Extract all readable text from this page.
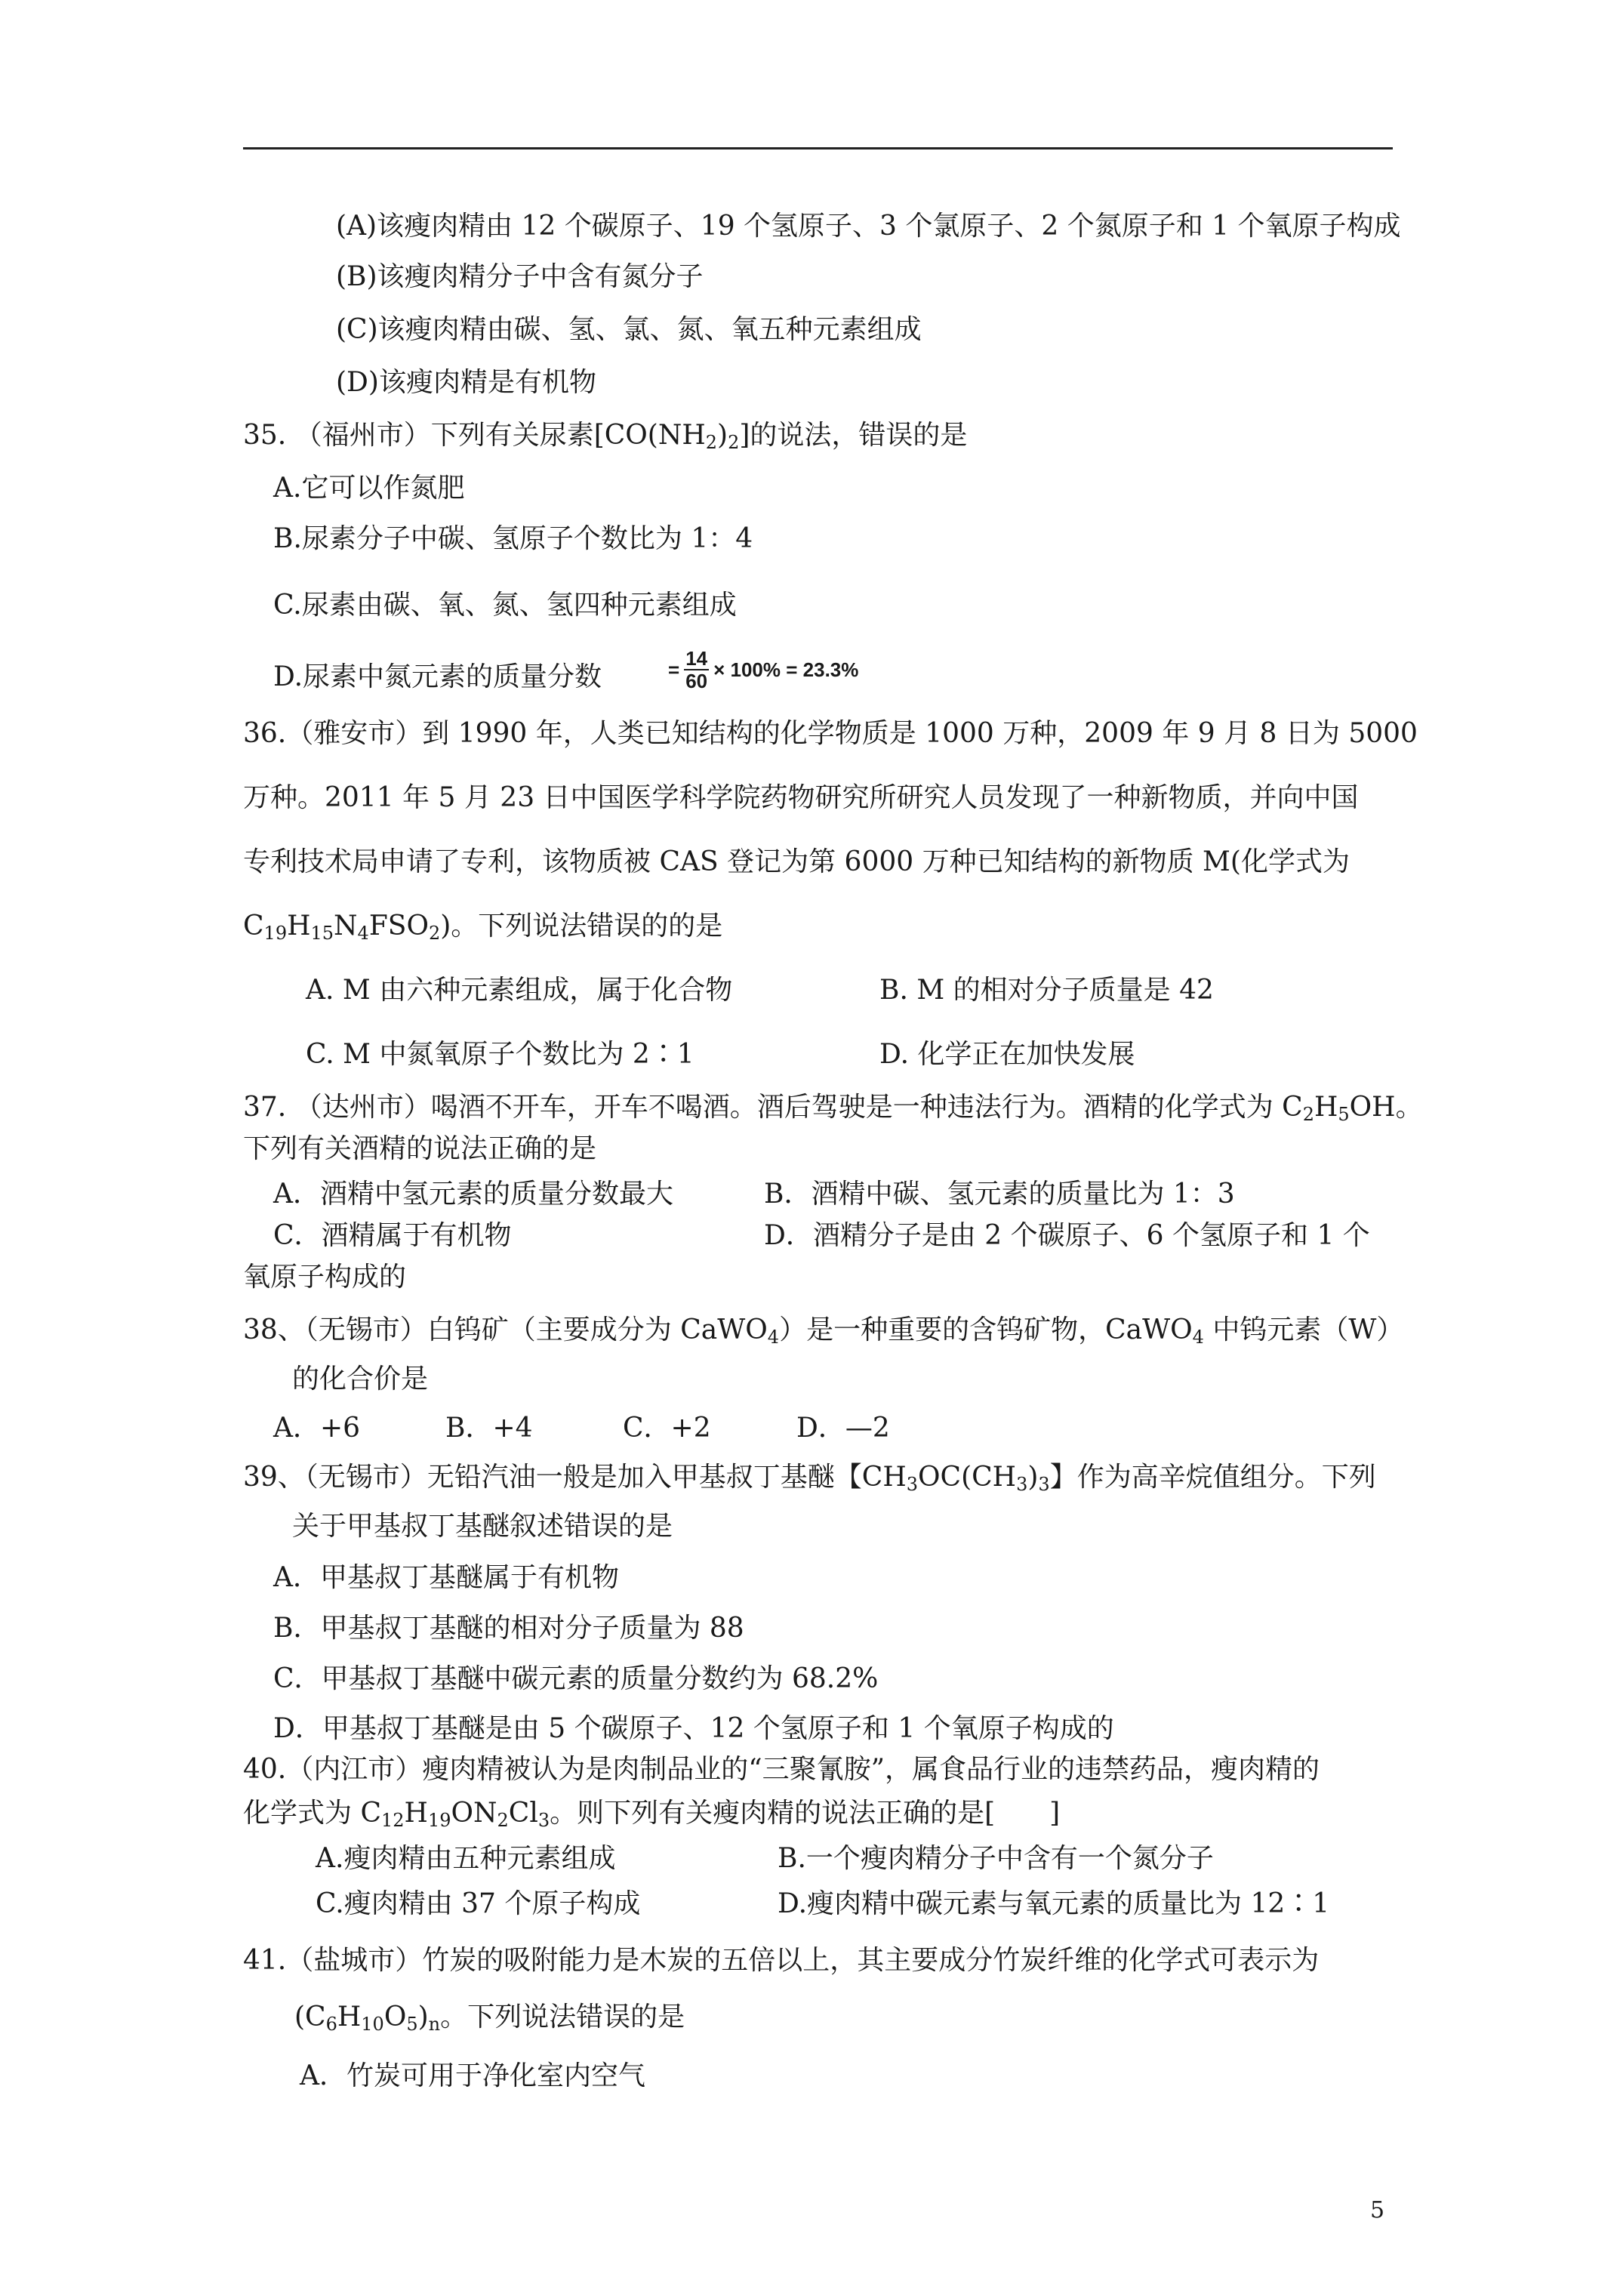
(A)该瘦肉精由 12 个碳原子、19 个氢原子、3 个氯原子、2 个氮原子和 1 个氧原子构成
(B)该瘦肉精分子中含有氮分子
(C)该瘦肉精由碳、氢、氯、氮、氧五种元素组成
(D)该瘦肉精是有机物
35. （福州市）下列有关尿素$[CO(NH_2)_2]$的说法，错误的是
A.它可以作氮肥
B.尿素分子中碳、氢原子个数比为 1：4
C.尿素由碳、氧、氮、氢四种元素组成
D.尿素中氮元素的质量分数	= $\frac{14}{60} \times 100\% = 23.3\%$
36.（雅安市）到 1990 年，人类已知结构的化学物质是 1000 万种，2009 年 9 月 8 日为 5000
万种。2011 年 5 月 23 日中国医学科学院药物研究所研究人员发现了一种新物质，并向中国
专利技术局申请了专利，该物质被 CAS 登记为第 6000 万种已知结构的新物质 M(化学式为
$C_{19}H_{15}N_4FSO_2$)。下列说法错误的的是
A. M 由六种元素组成，属于化合物	B. M 的相对分子质量是 42
C. M 中氮氧原子个数比为 2∶1	D. 化学正在加快发展
37. （达州市）喝酒不开车，开车不喝酒。酒后驾驶是一种违法行为。酒精的化学式为 $C_2H_5OH$。
下列有关酒精的说法正确的是
A．酒精中氢元素的质量分数最大	B．酒精中碳、氢元素的质量比为 1：3
C．酒精属于有机物	D．酒精分子是由 2 个碳原子、6 个氢原子和 1 个
氧原子构成的
38、（无锡市）白钨矿（主要成分为 CaWO$_4$）是一种重要的含钨矿物，CaWO$_4$ 中钨元素（W）
的化合价是
A．+6	B．+4	C．+2	D．—2
39、（无锡市）无铅汽油一般是加入甲基叔丁基醚【$CH_3OC(CH_3)_3$】作为高辛烷值组分。下列
关于甲基叔丁基醚叙述错误的是
A．甲基叔丁基醚属于有机物
B．甲基叔丁基醚的相对分子质量为 88
C．甲基叔丁基醚中碳元素的质量分数约为 68.2%
D．甲基叔丁基醚是由 5 个碳原子、12 个氢原子和 1 个氧原子构成的
40.（内江市）瘦肉精被认为是肉制品业的“三聚氰胺”，属食品行业的违禁药品，瘦肉精的
化学式为 $C_{12}H_{19}ON_2Cl_3$。则下列有关瘦肉精的说法正确的是[　　]
A.瘦肉精由五种元素组成	B.一个瘦肉精分子中含有一个氮分子
C.瘦肉精由 37 个原子构成	D.瘦肉精中碳元素与氧元素的质量比为 12∶1
41.（盐城市）竹炭的吸附能力是木炭的五倍以上，其主要成分竹炭纤维的化学式可表示为
$(C_6H_{10}O_5)_n$。下列说法错误的是
A．竹炭可用于净化室内空气
5
